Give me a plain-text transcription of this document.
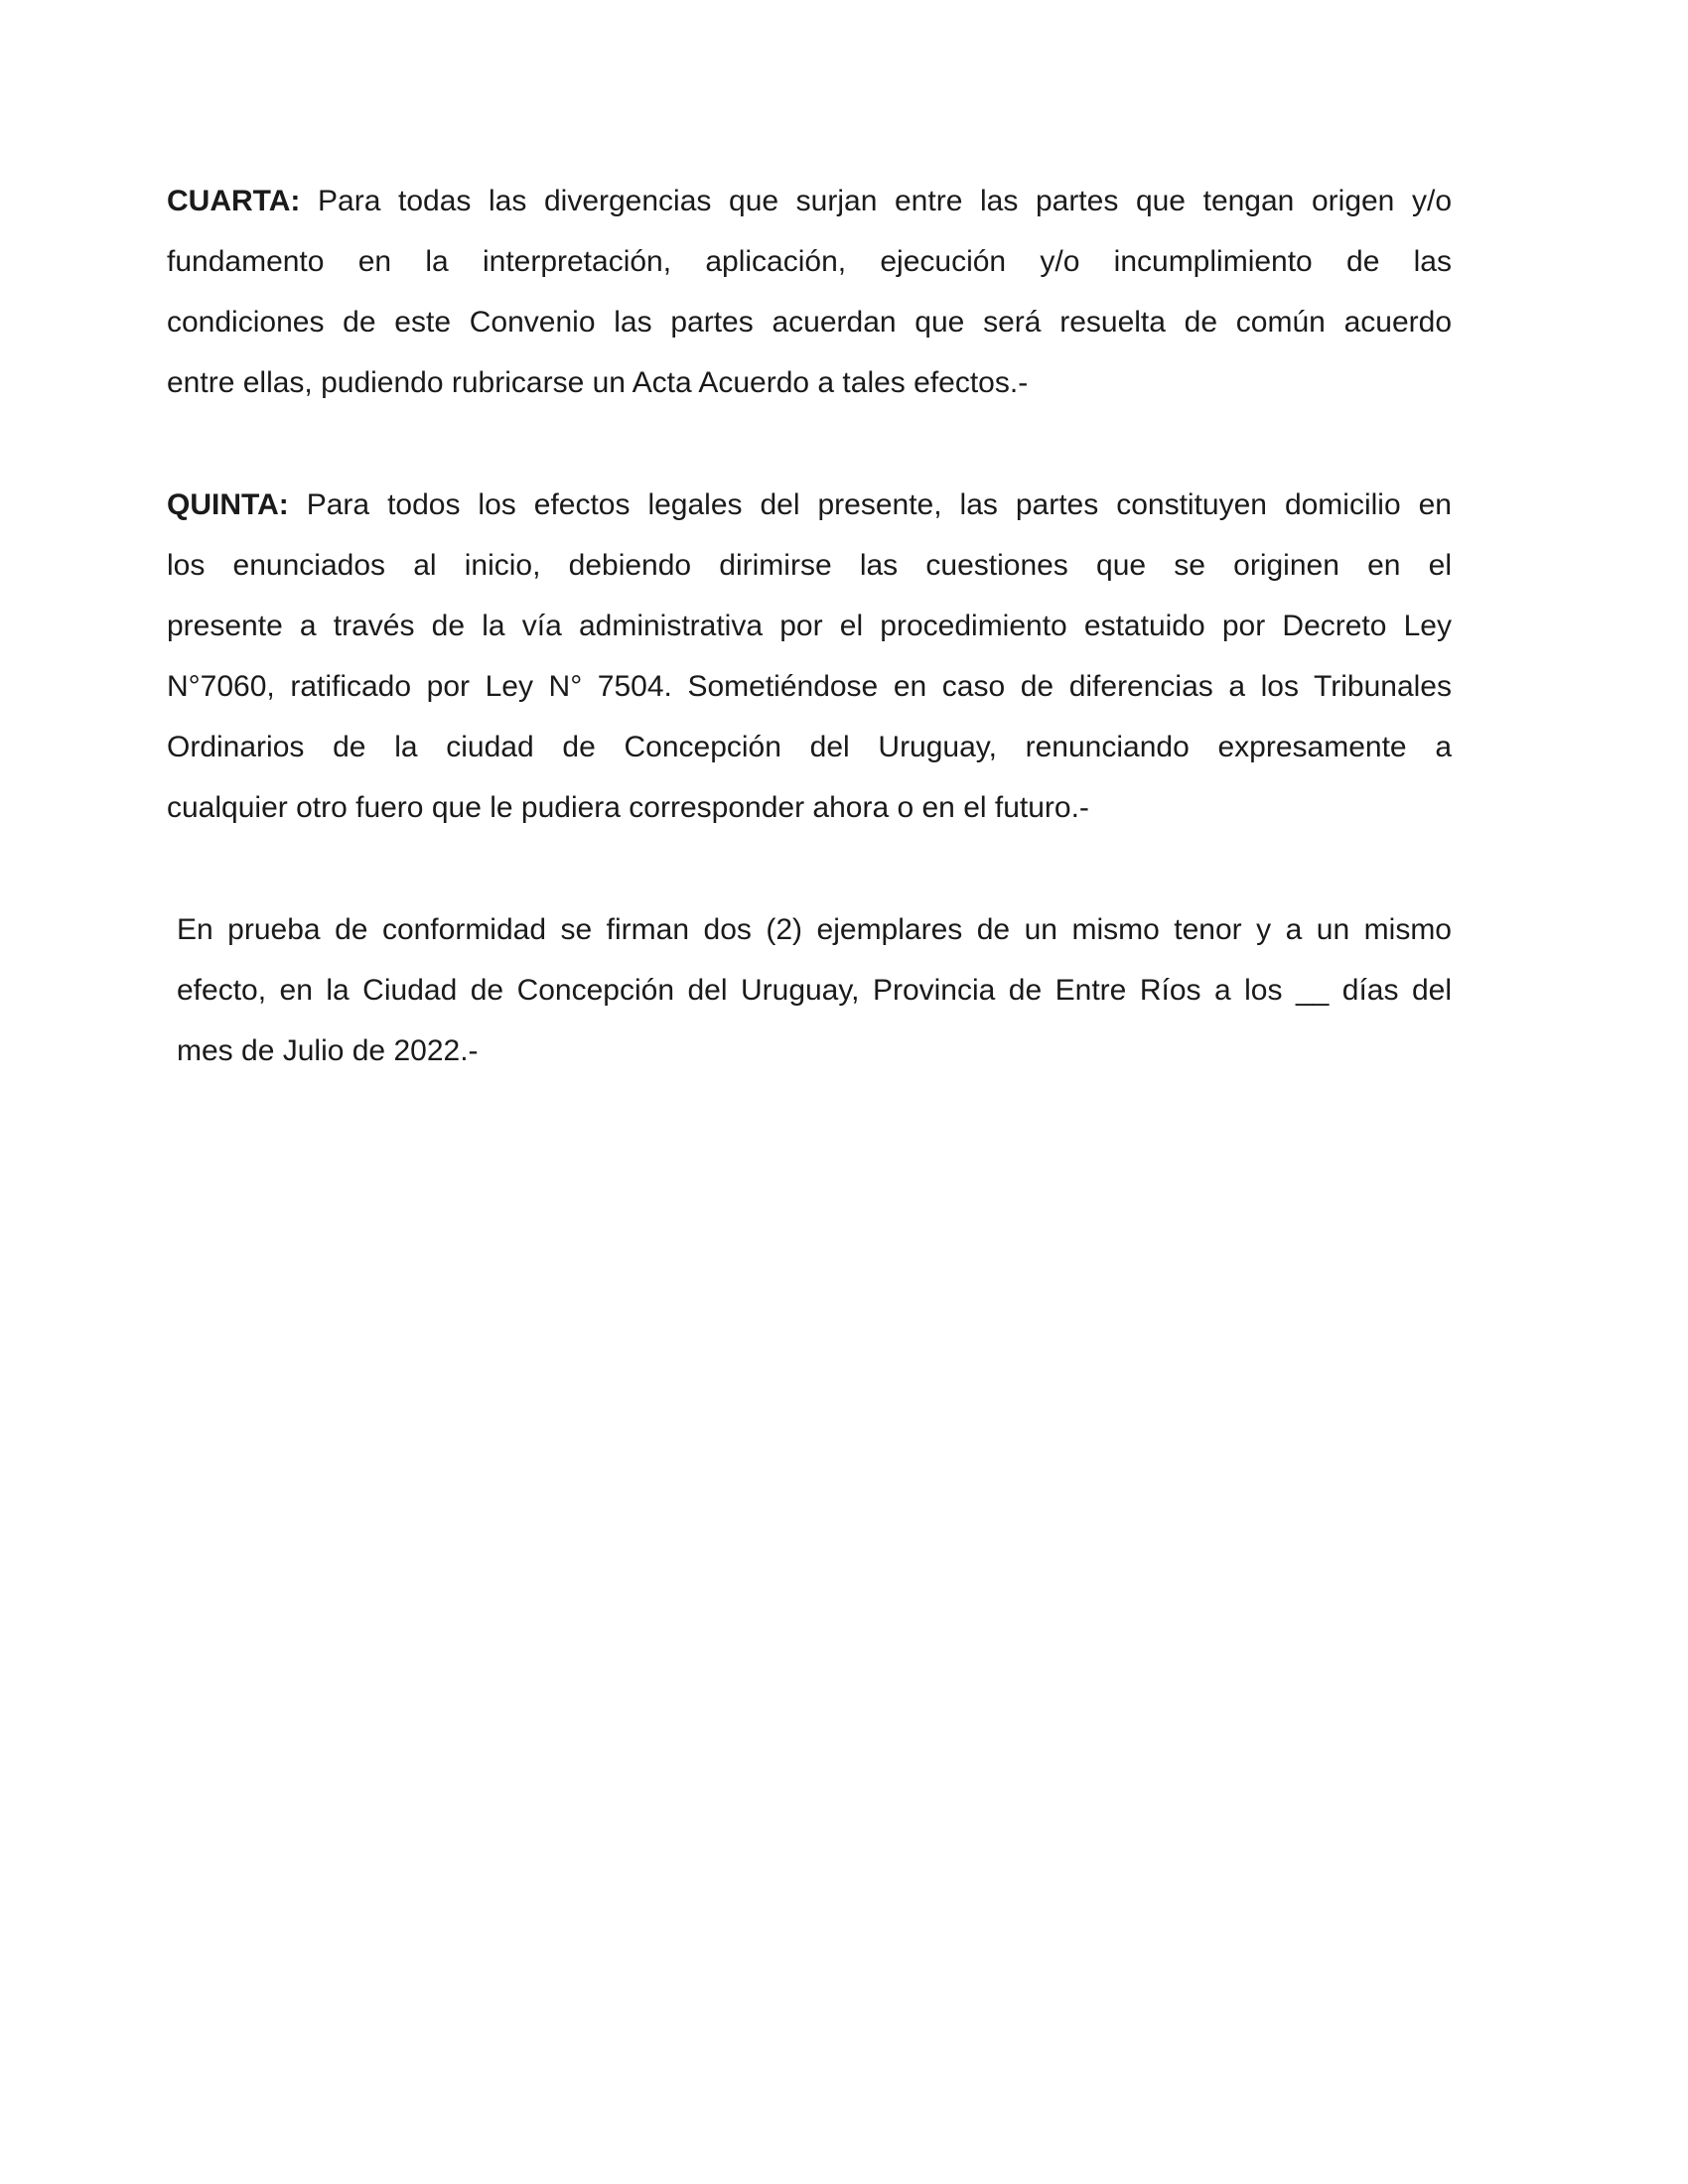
CUARTA: Para todas las divergencias que surjan entre las partes que tengan origen y/o
fundamento en la interpretación, aplicación, ejecución y/o incumplimiento de las
condiciones de este Convenio las partes acuerdan que será resuelta de común acuerdo
entre ellas, pudiendo rubricarse un Acta Acuerdo a tales efectos.-
QUINTA: Para todos los efectos legales del presente, las partes constituyen domicilio en
los enunciados al inicio, debiendo dirimirse las cuestiones que se originen en el
presente a través de la vía administrativa por el procedimiento estatuido por Decreto Ley
N°7060, ratificado por Ley N° 7504. Sometiéndose en caso de diferencias a los Tribunales
Ordinarios de la ciudad de Concepción del Uruguay, renunciando expresamente a
cualquier otro fuero que le pudiera corresponder ahora o en el futuro.-
En prueba de conformidad se firman dos (2) ejemplares de un mismo tenor y a un mismo
efecto, en la Ciudad de Concepción del Uruguay, Provincia de Entre Ríos a los __ días del
mes de Julio de 2022.-
